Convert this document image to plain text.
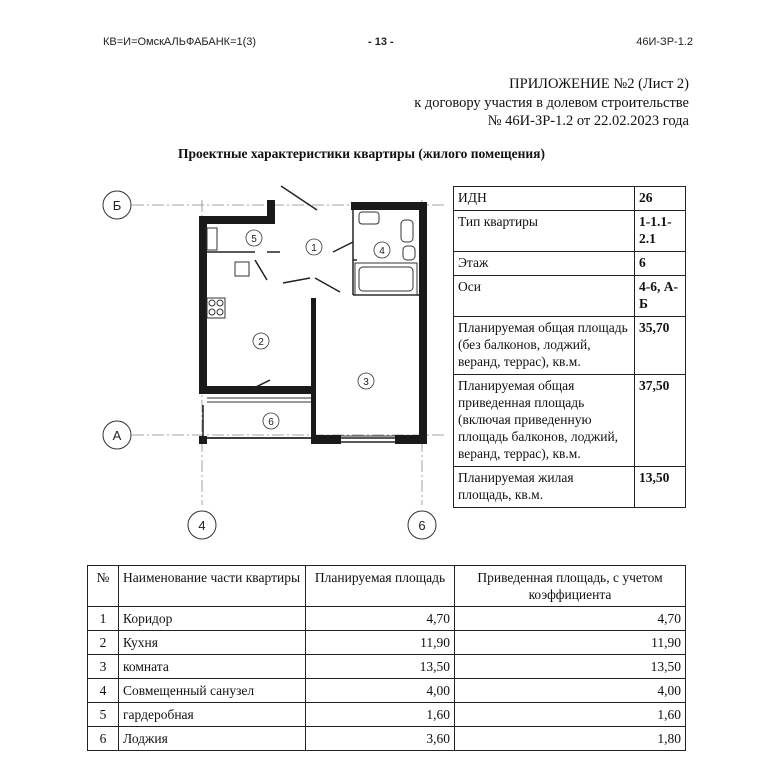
КВ=И=ОмскАЛЬФАБАНК=1(3)	- 13 -	46И-ЗР-1.2
ПРИЛОЖЕНИЕ №2 (Лист 2)
к договору участия в долевом строительстве
№ 46И-ЗР-1.2 от 22.02.2023 года
Проектные характеристики квартиры (жилого помещения)
Б
А
4	6
1
2
3
4
5
6
ИДН	26
Тип квартиры	1-1.1-2.1
Этаж	6
Оси	4-6, А-Б
Планируемая общая площадь (без балконов, лоджий, веранд, террас), кв.м.	35,70
Планируемая общая приведенная площадь (включая приведенную площадь балконов, лоджий, веранд, террас), кв.м.	37,50
Планируемая жилая площадь, кв.м.	13,50
№	Наименование части квартиры	Планируемая площадь	Приведенная площадь, с учетом коэффициента
1	Коридор	4,70	4,70
2	Кухня	11,90	11,90
3	комната	13,50	13,50
4	Совмещенный санузел	4,00	4,00
5	гардеробная	1,60	1,60
6	Лоджия	3,60	1,80
